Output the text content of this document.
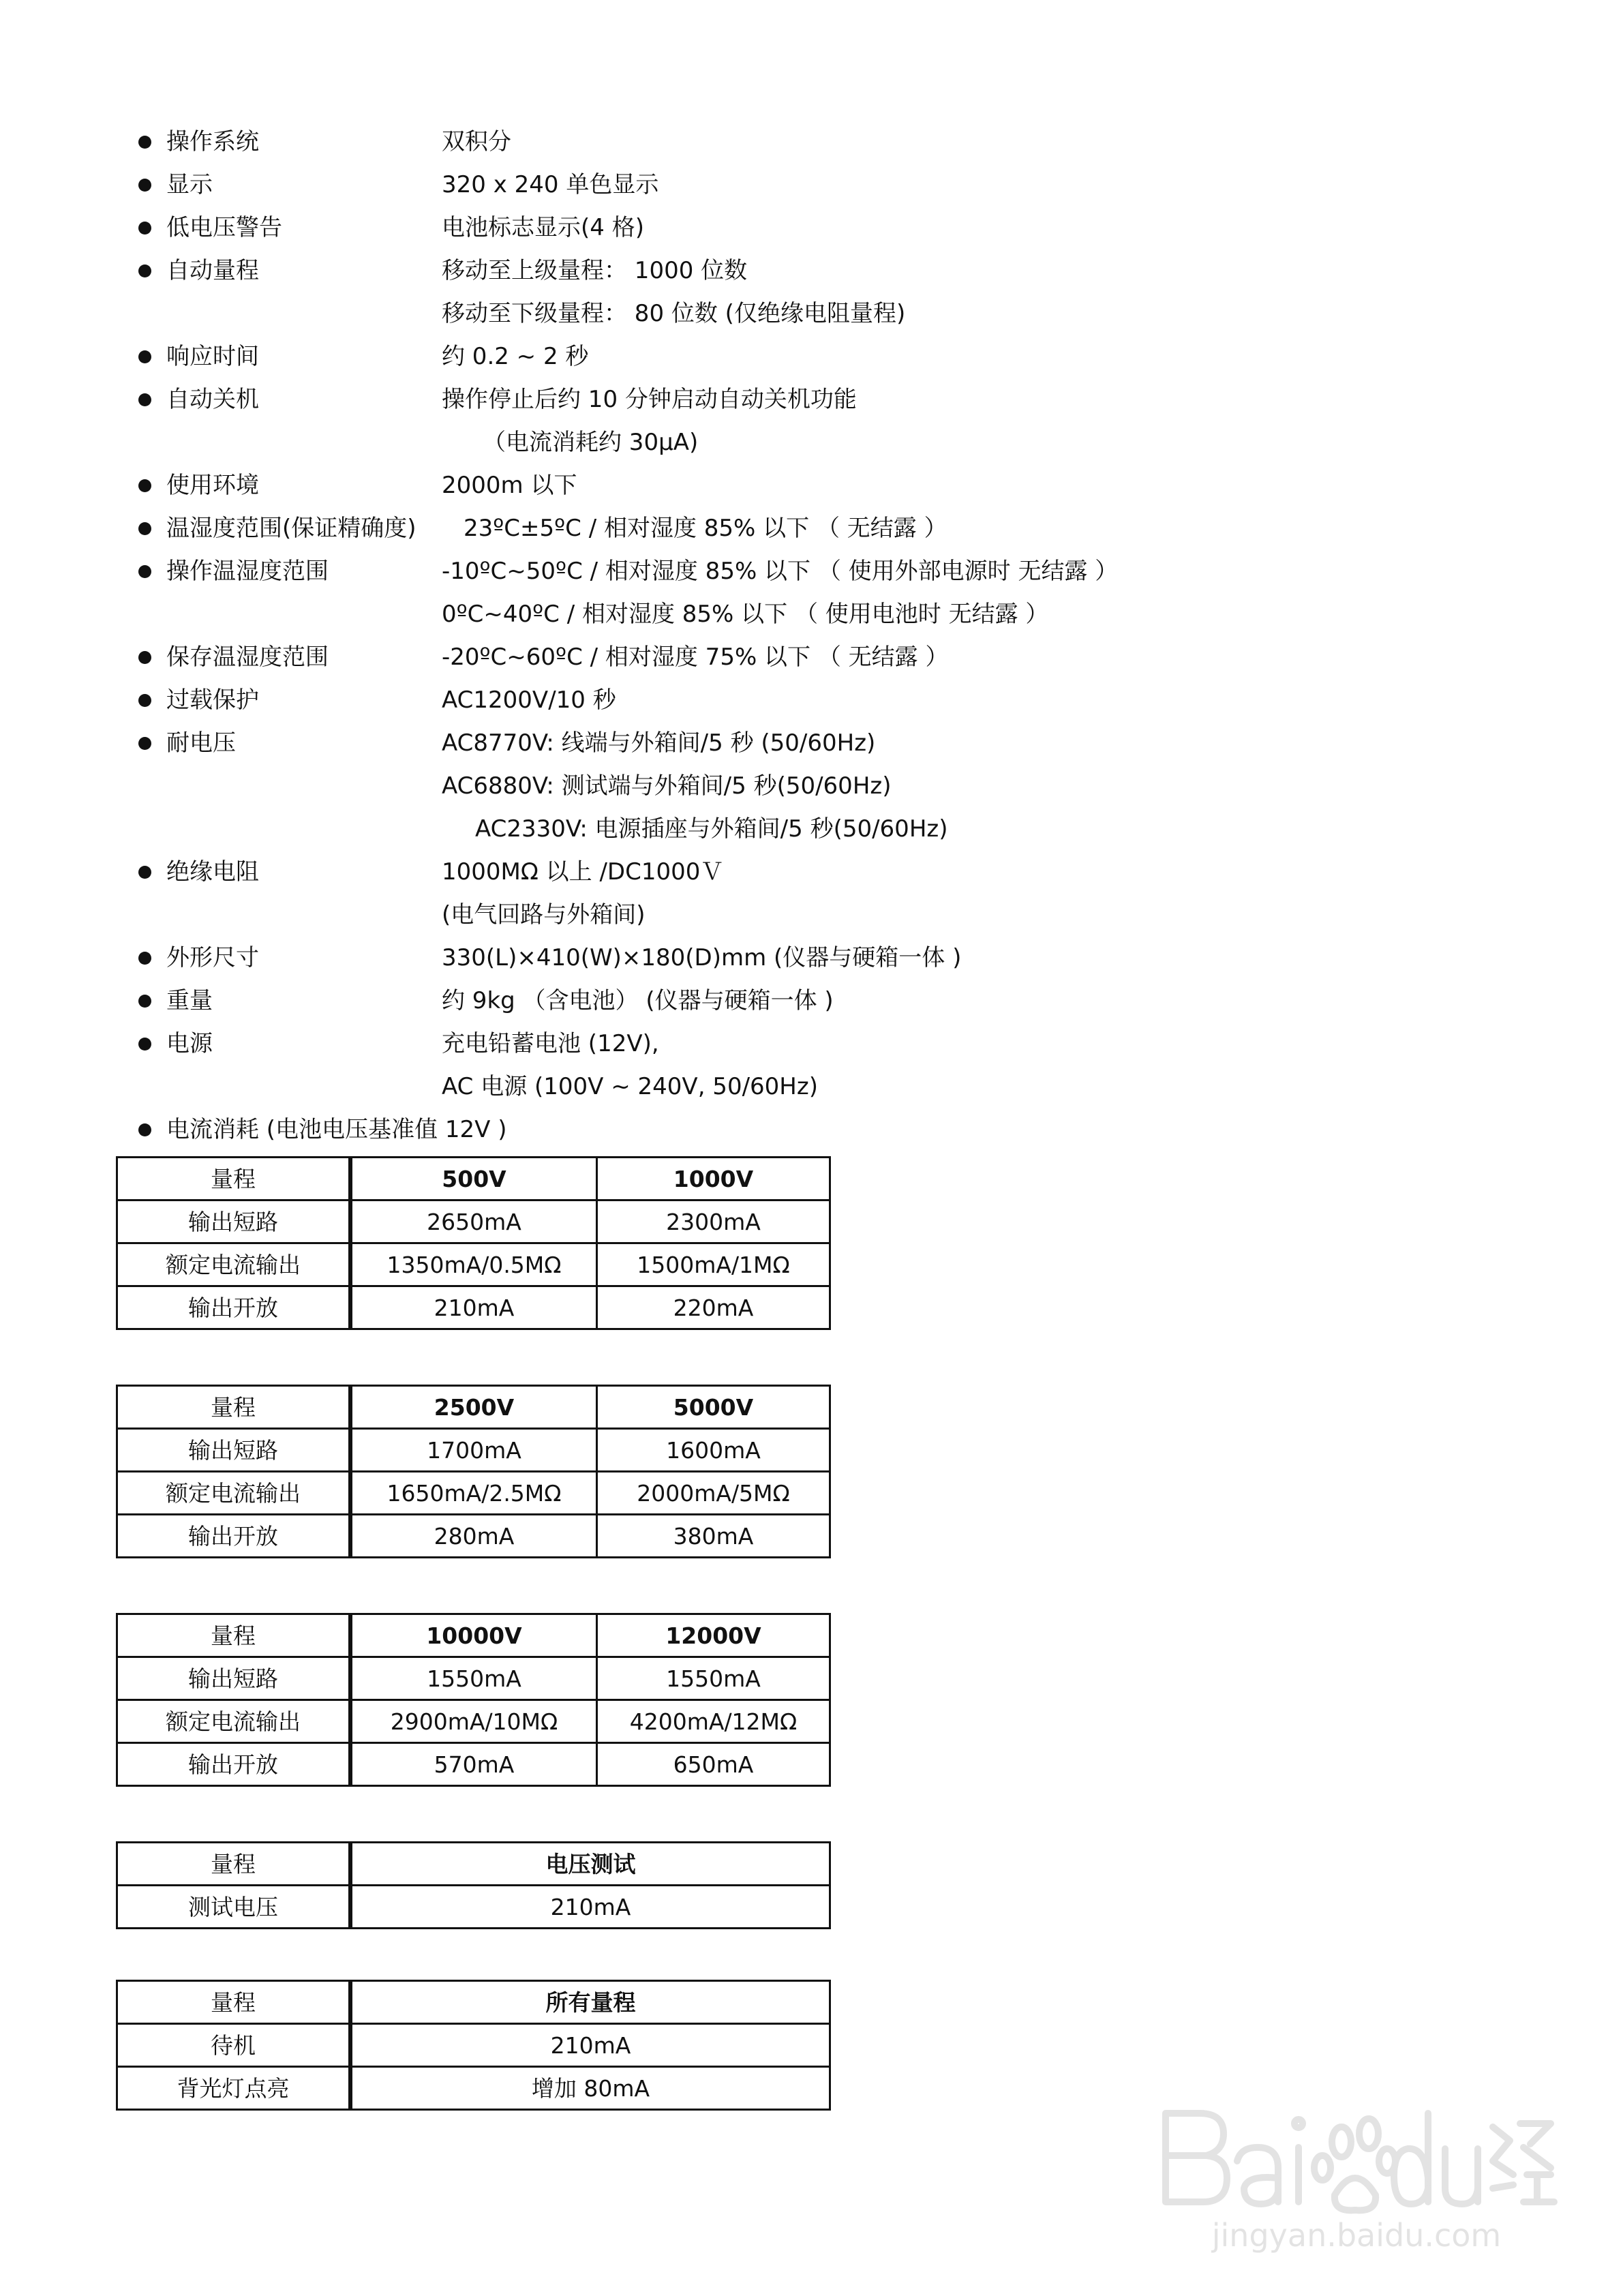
操作系统	双积分
显示	320 x 240 单色显示
低电压警告	电池标志显示(4 格)
自动量程	移动至上级量程： 1000 位数
移动至下级量程： 80 位数 (仅绝缘电阻量程)
响应时间	约 0.2 ~ 2 秒
自动关机	操作停止后约 10 分钟启动自动关机功能
（电流消耗约 30μA)
使用环境	2000m 以下
温湿度范围(保证精确度) 23ºC±5ºC / 相对湿度 85% 以下 （ 无结露 ）
操作温湿度范围	-10ºC~50ºC / 相对湿度 85% 以下 （ 使用外部电源时 无结露 ）
0ºC~40ºC / 相对湿度 85% 以下 （ 使用电池时 无结露 ）
保存温湿度范围	-20ºC~60ºC / 相对湿度 75% 以下 （ 无结露 ）
过载保护	AC1200V/10 秒
耐电压	AC8770V: 线端与外箱间/5 秒 (50/60Hz)
AC6880V: 测试端与外箱间/5 秒(50/60Hz)
AC2330V: 电源插座与外箱间/5 秒(50/60Hz)
绝缘电阻	1000MΩ 以上 /DC1000Ｖ
(电气回路与外箱间)
外形尺寸	330(L)×410(W)×180(D)mm (仪器与硬箱一体 )
重量	约 9kg （含电池） (仪器与硬箱一体 )
电源	充电铅蓄电池 (12V),
AC 电源 (100V ~ 240V, 50/60Hz)
电流消耗 (电池电压基准值 12V )
量程	500V	1000V
输出短路	2650mA	2300mA
额定电流输出	1350mA/0.5MΩ	1500mA/1MΩ
输出开放	210mA	220mA
量程	2500V	5000V
输出短路	1700mA	1600mA
额定电流输出	1650mA/2.5MΩ	2000mA/5MΩ
输出开放	280mA	380mA
量程	10000V	12000V
输出短路	1550mA	1550mA
额定电流输出	2900mA/10MΩ	4200mA/12MΩ
输出开放	570mA	650mA
量程	电压测试
测试电压	210mA
量程	所有量程
待机	210mA
背光灯点亮	增加 80mA
jingyan.baidu.com
